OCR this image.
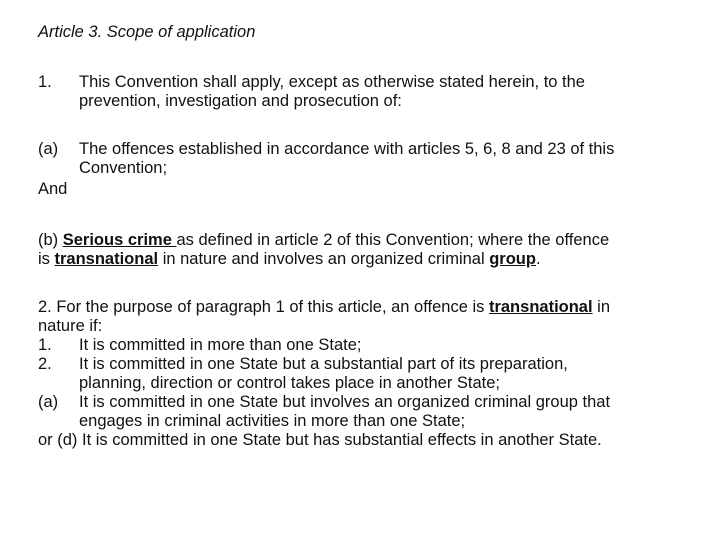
Article 3. Scope of application
1. This Convention shall apply, except as otherwise stated herein, to the
prevention, investigation and prosecution of:
(a) The offences established in accordance with articles 5, 6, 8 and 23 of this
Convention;
And
(b) Serious crime as defined in article 2 of this Convention; where the offence
is transnational in nature and involves an organized criminal group.
2. For the purpose of paragraph 1 of this article, an offence is transnational in
nature if:
1. It is committed in more than one State;
2. It is committed in one State but a substantial part of its preparation,
planning, direction or control takes place in another State;
(a) It is committed in one State but involves an organized criminal group that
engages in criminal activities in more than one State;
or (d) It is committed in one State but has substantial effects in another State.
